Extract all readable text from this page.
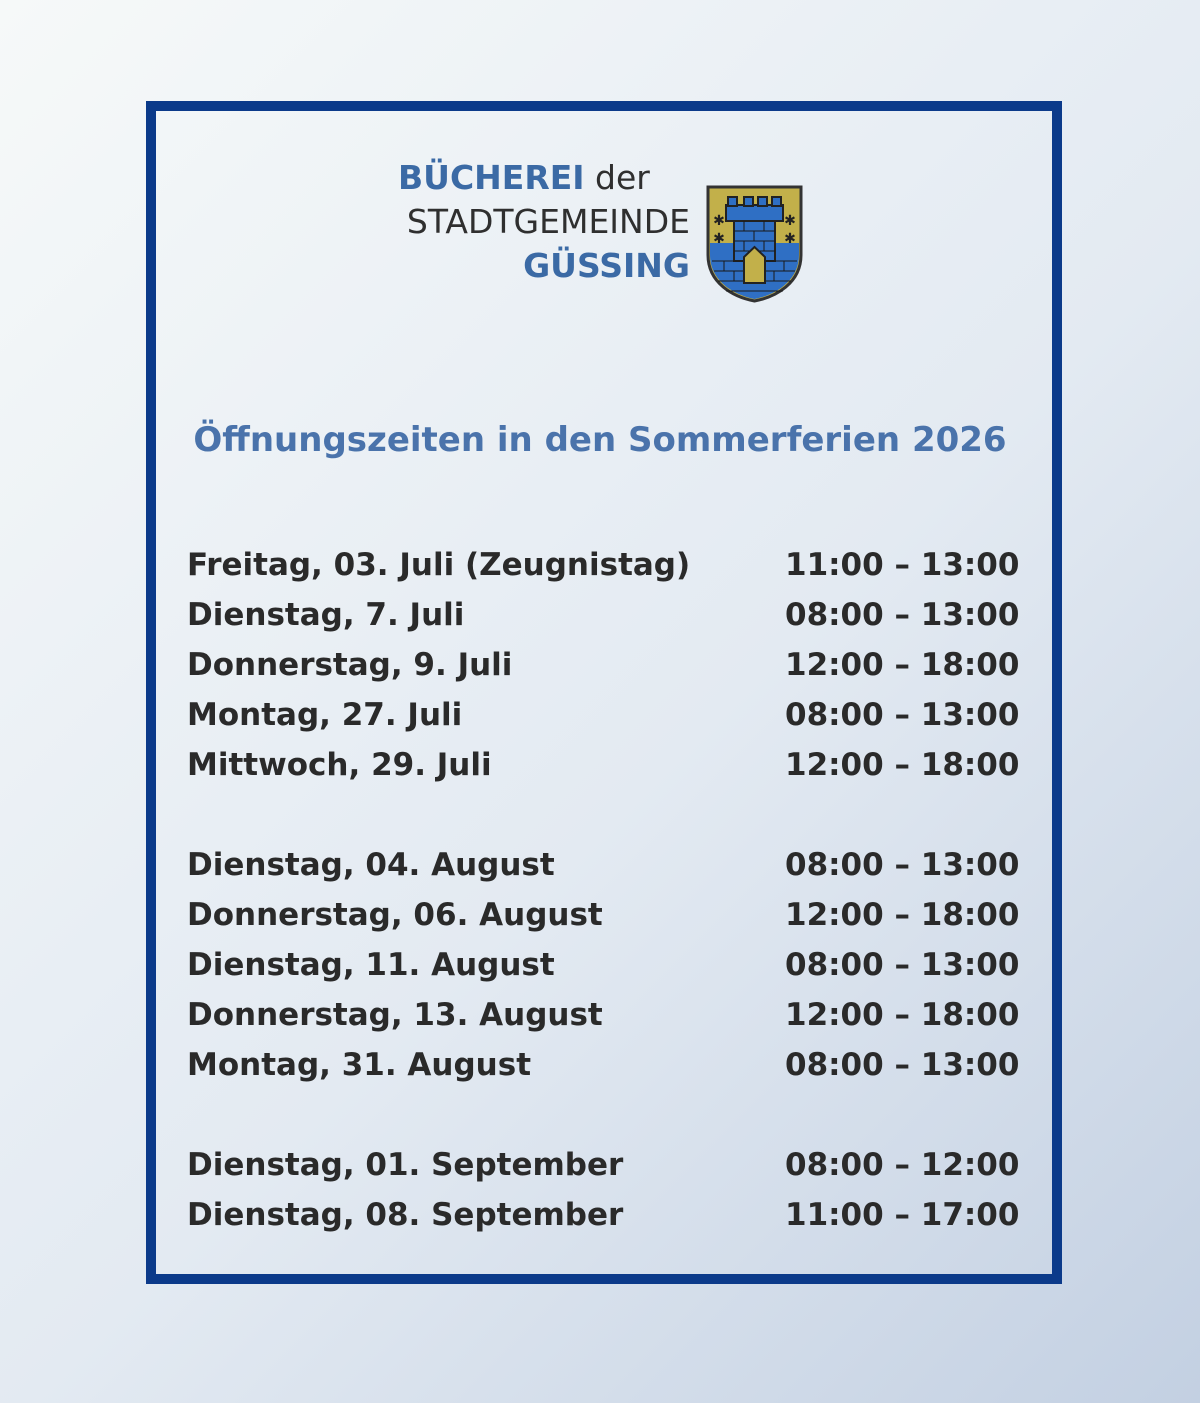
BÜCHEREI der
STADTGEMEINDE
GÜSSING
✱	✱
✱	✱
Öffnungszeiten in den Sommerferien 2026
Freitag, 03. Juli (Zeugnistag)	11:00 – 13:00
Dienstag, 7. Juli	08:00 – 13:00
Donnerstag, 9. Juli	12:00 – 18:00
Montag, 27. Juli	08:00 – 13:00
Mittwoch, 29. Juli	12:00 – 18:00
Dienstag, 04. August	08:00 – 13:00
Donnerstag, 06. August	12:00 – 18:00
Dienstag, 11. August	08:00 – 13:00
Donnerstag, 13. August	12:00 – 18:00
Montag, 31. August	08:00 – 13:00
Dienstag, 01. September	08:00 – 12:00
Dienstag, 08. September	11:00 – 17:00
